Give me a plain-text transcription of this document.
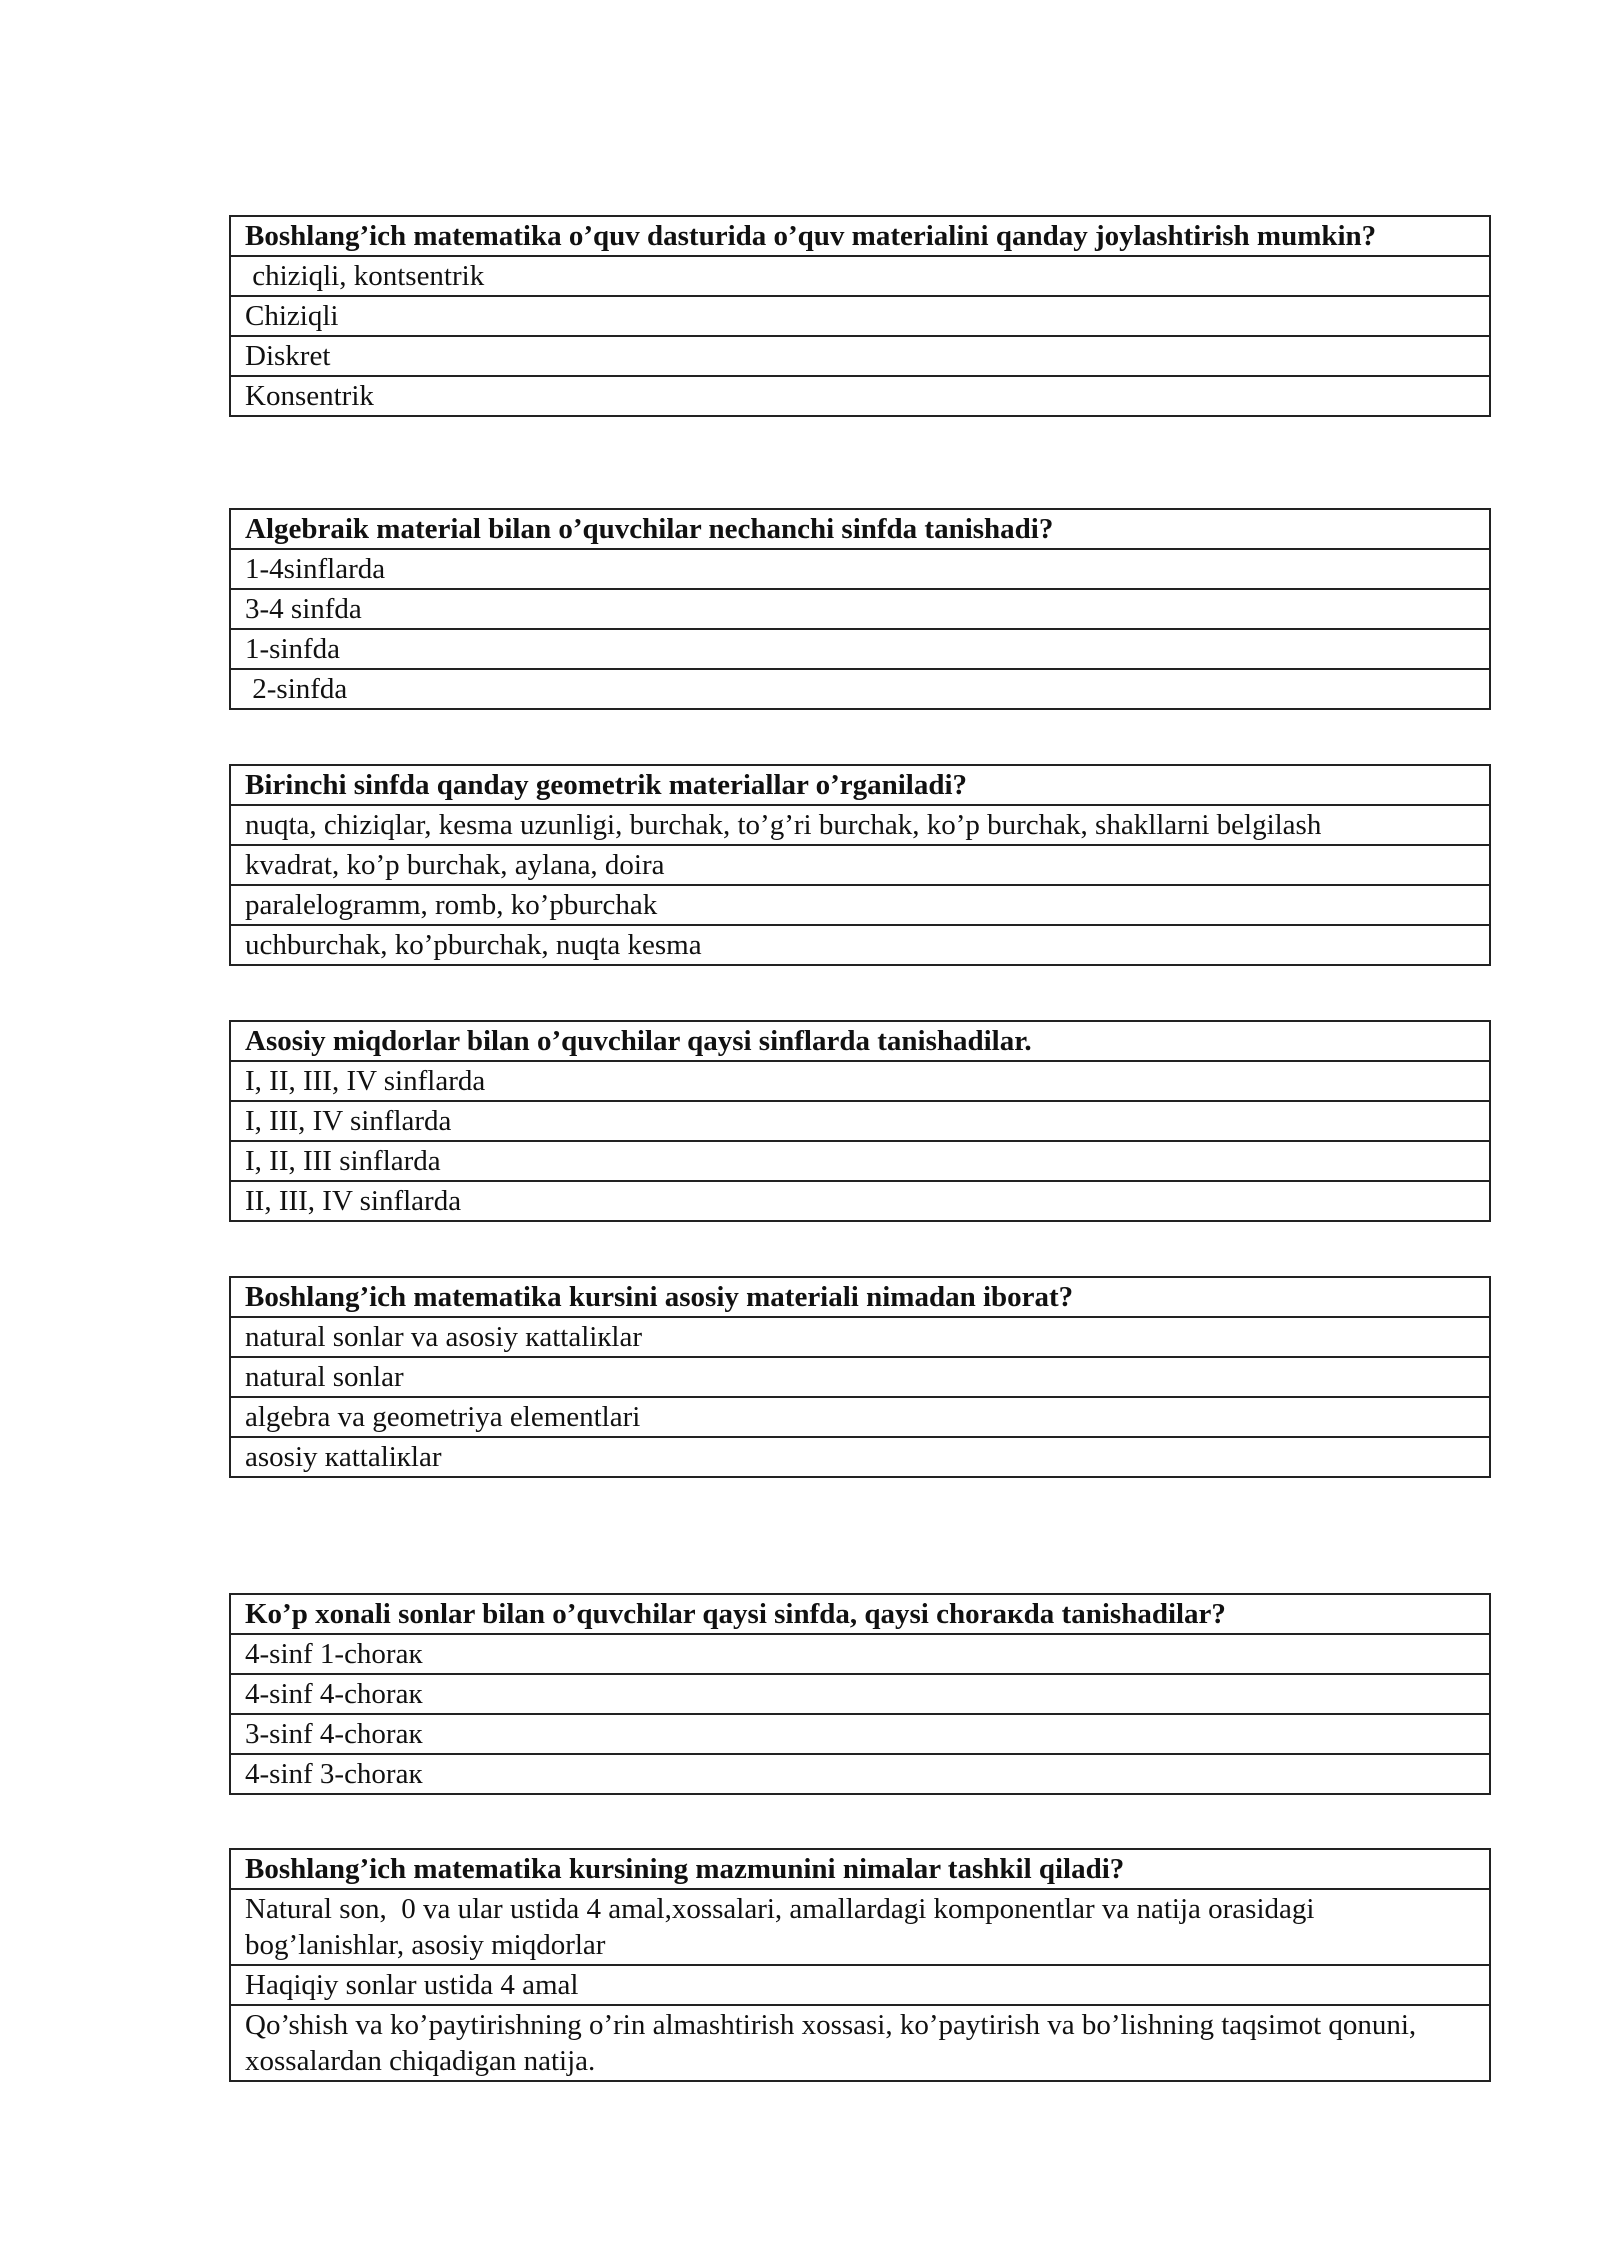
Boshlang’ich matematika o’quv dasturida o’quv materialini qanday joylashtirish mumkin?
chiziqli, kontsentrik
Chiziqli
Diskret
Konsentrik
Algebraik material bilan o’quvchilar nechanchi sinfda tanishadi?
1-4sinflarda
3-4 sinfda
1-sinfda
2-sinfda
Birinchi sinfda qanday geometrik materiallar o’rganiladi?
nuqta, chiziqlar, kesma uzunligi, burchak, to’g’ri burchak, ko’p burchak, shakllarni belgilash
kvadrat, ko’p burchak, aylana, doira
paralelogramm, romb, ko’pburchak
uchburchak, ko’pburchak, nuqta kesma
Asosiy miqdorlar bilan o’quvchilar qaysi sinflarda tanishadilar.
I, II, III, IV sinflarda
I, III, IV sinflarda
I, II, III sinflarda
II, III, IV sinflarda
Boshlang’ich matematika kursini asosiy materiali nimadan iborat?
natural sonlar va asosiy кattaliкlar
natural sonlar
algebra va geometriya elementlari
asosiy кattaliкlar
Ko’p xonali sonlar bilan o’quvchilar qaysi sinfda, qaysi choraкda tanishadilar?
4-sinf 1-choraк
4-sinf 4-choraк
3-sinf 4-choraк
4-sinf 3-choraк
Boshlang’ich matematika kursining mazmunini nimalar tashkil qiladi?
Natural son,  0 va ular ustida 4 amal,xossalari, amallardagi komponentlar va natija orasidagi bog’lanishlar, asosiy miqdorlar
Haqiqiy sonlar ustida 4 amal
Qo’shish va ko’paytirishning o’rin almashtirish xossasi, ko’paytirish va bo’lishning taqsimot qonuni, xossalardan chiqadigan natija.
